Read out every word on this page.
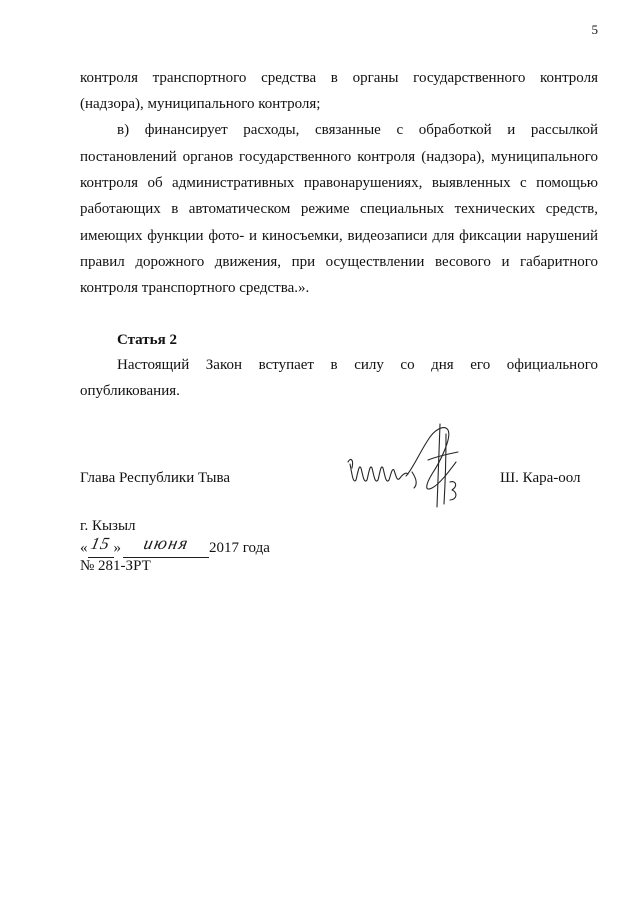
5
контроля транспортного средства в органы государственного контроля
(надзора), муниципального контроля;
в) финансирует расходы, связанные с обработкой и рассылкой
постановлений органов государственного контроля (надзора), муниципального
контроля об административных правонарушениях, выявленных с помощью
работающих в автоматическом режиме специальных технических средств,
имеющих функции фото- и киносъемки, видеозаписи для фиксации нарушений
правил дорожного движения, при осуществлении весового и габаритного
контроля транспортного средства.».
Статья 2
Настоящий Закон вступает в силу со дня его официального
опубликования.
Глава Республики Тыва	Ш. Кара-оол
г. Кызыл
«15» июня 2017 года
№ 281-ЗРТ
